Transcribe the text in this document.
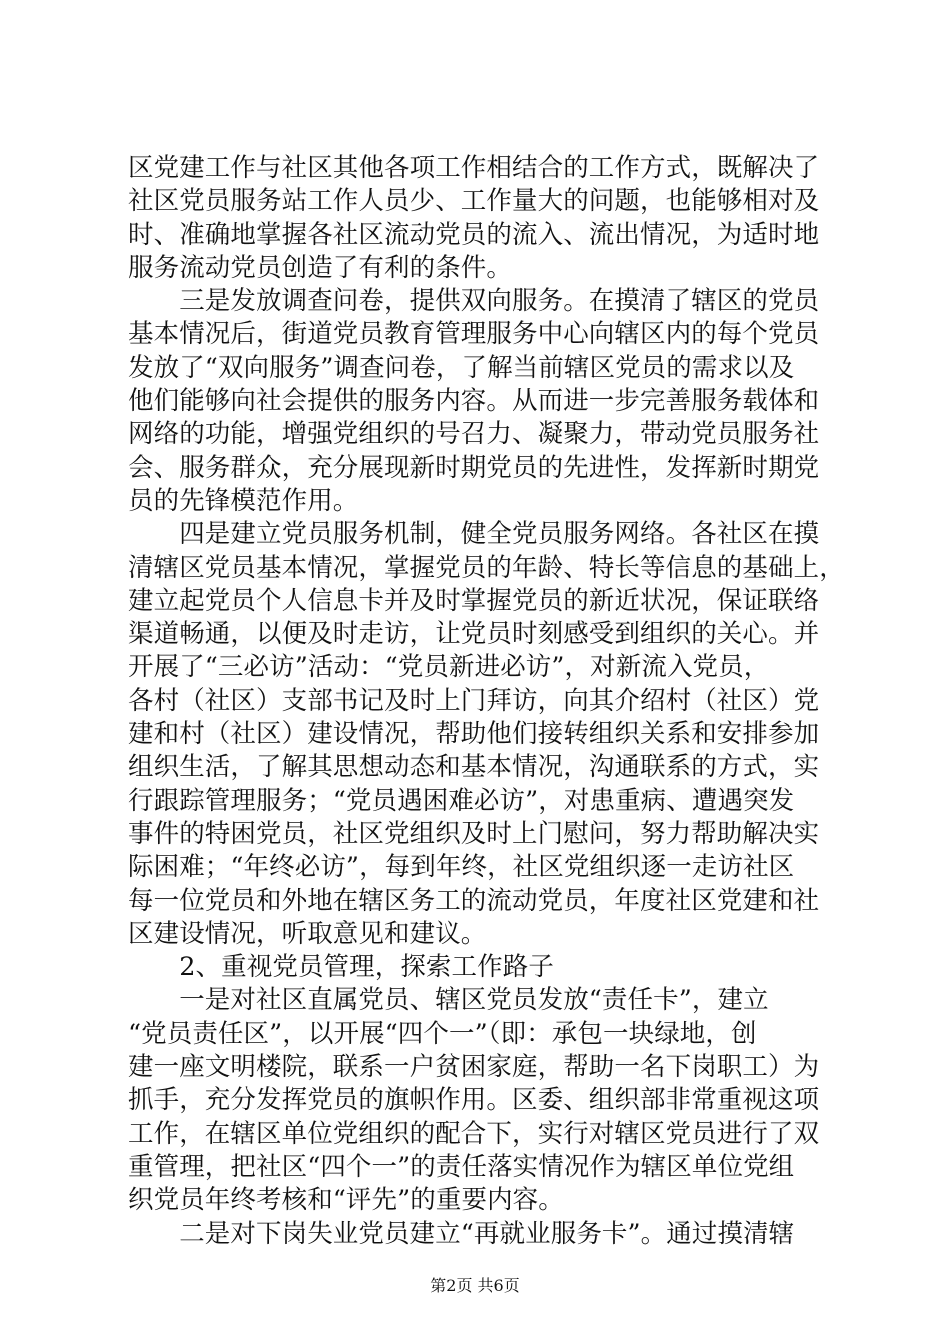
区党建工作与社区其他各项工作相结合的工作方式，既解决了
社区党员服务站工作人员少、工作量大的问题，也能够相对及
时、准确地掌握各社区流动党员的流入、流出情况，为适时地
服务流动党员创造了有利的条件。
　　三是发放调查问卷，提供双向服务。在摸清了辖区的党员
基本情况后，街道党员教育管理服务中心向辖区内的每个党员
发放了“双向服务”调查问卷，了解当前辖区党员的需求以及
他们能够向社会提供的服务内容。从而进一步完善服务载体和
网络的功能，增强党组织的号召力、凝聚力，带动党员服务社
会、服务群众，充分展现新时期党员的先进性，发挥新时期党
员的先锋模范作用。
　　四是建立党员服务机制，健全党员服务网络。各社区在摸
清辖区党员基本情况，掌握党员的年龄、特长等信息的基础上，
建立起党员个人信息卡并及时掌握党员的新近状况，保证联络
渠道畅通，以便及时走访，让党员时刻感受到组织的关心。并
开展了“三必访”活动：“党员新进必访”，对新流入党员，
各村（社区）支部书记及时上门拜访，向其介绍村（社区）党
建和村（社区）建设情况，帮助他们接转组织关系和安排参加
组织生活，了解其思想动态和基本情况，沟通联系的方式，实
行跟踪管理服务；“党员遇困难必访”，对患重病、遭遇突发
事件的特困党员，社区党组织及时上门慰问，努力帮助解决实
际困难；“年终必访”，每到年终，社区党组织逐一走访社区
每一位党员和外地在辖区务工的流动党员，年度社区党建和社
区建设情况，听取意见和建议。
　　2、重视党员管理，探索工作路子
　　一是对社区直属党员、辖区党员发放“责任卡”，建立
“党员责任区”，以开展“四个一”（即：承包一块绿地，创
建一座文明楼院，联系一户贫困家庭，帮助一名下岗职工）为
抓手，充分发挥党员的旗帜作用。区委、组织部非常重视这项
工作，在辖区单位党组织的配合下，实行对辖区党员进行了双
重管理，把社区“四个一”的责任落实情况作为辖区单位党组
织党员年终考核和“评先”的重要内容。
　　二是对下岗失业党员建立“再就业服务卡”。通过摸清辖
第2页 共6页
